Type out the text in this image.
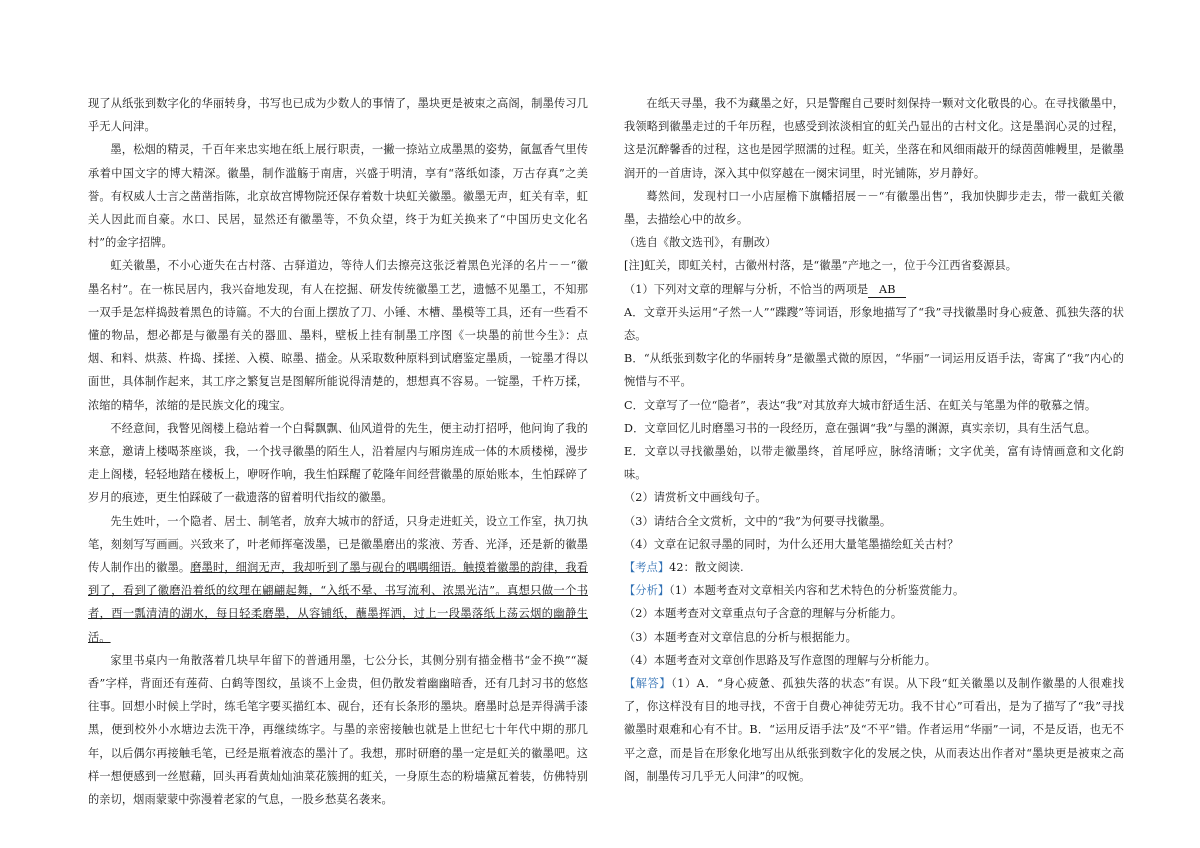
现了从纸张到数字化的华丽转身，书写也已成为少数人的事情了，墨块更是被束之高阁，制墨传习几乎无人问津。

墨，松烟的精灵，千百年来忠实地在纸上展行职责，一撇一捺站立成墨黑的姿势，氤氲香气里传承着中国文字的博大精深。徽墨，制作滥觞于南唐，兴盛于明清，享有“落纸如漆，万古存真”之美誉。有权威人士言之凿凿指陈，北京故宫博物院还保存着数十块虹关徽墨。徽墨无声，虹关有幸，虹关人因此而自豪。水口、民居，显然还有徽墨等，不负众望，终于为虹关换来了“中国历史文化名村”的金字招牌。

虹关徽墨，不小心逝失在古村落、古驿道边，等待人们去擦亮这张泛着黑色光泽的名片－－“徽墨名村”。在一栋民居内，我兴奋地发现，有人在挖掘、研发传统徽墨工艺，遗憾不见墨工，不知那一双手是怎样捣鼓着黑色的诗篇。不大的台面上摆放了刀、小锤、木槽、墨模等工具，还有一些看不懂的物品，想必都是与徽墨有关的器皿、墨料，壁板上挂有制墨工序图《一块墨的前世今生》：点烟、和料、烘蒸、杵捣、揉搓、入模、晾墨、描金。从采取数种原料到试磨鉴定墨质，一锭墨才得以面世，具体制作起来，其工序之繁复岂是图解所能说得清楚的，想想真不容易。一锭墨，千杵万揉，浓缩的精华，浓缩的是民族文化的瑰宝。

不经意间，我瞥见阁楼上稳站着一个白髯飘飘、仙风道骨的先生，便主动打招呼，他问询了我的来意，邀请上楼喝茶座谈，我，一个找寻徽墨的陌生人，沿着屋内与厢房连成一体的木质楼梯，漫步走上阁楼，轻轻地踏在楼板上，咿呀作响，我生怕踩醒了乾隆年间经营徽墨的原始账本，生怕踩碎了岁月的痕迹，更生怕踩破了一截遗落的留着明代指纹的徽墨。

先生姓叶，一个隐者、居士、制笔者，放弃大城市的舒适，只身走进虹关，设立工作室，执刀执笔，刻刻写写画画。兴致来了，叶老师挥毫泼墨，已是徽墨磨出的浆液、芳香、光泽，还是新的徽墨传人制作出的徽墨。磨墨时，细润无声，我却听到了墨与砚台的喁喁细语。触摸着徽墨的韵律，我看到了，看到了徽磨沿着纸的纹理在翩翩起舞，“入纸不晕、书写流利、浓黑光洁”。真想只做一个书者，酉一瓢清清的湖水，每日轻柔磨墨，从容铺纸，蘸墨挥洒，过上一段墨落纸上荡云烟的幽静生活。

家里书桌内一角散落着几块早年留下的普通用墨，七公分长，其侧分别有描金楷书“金不换”“凝香”字样，背面还有莲荷、白鹤等图纹，虽谈不上金贵，但仍散发着幽幽暗香，还有几封习书的悠悠往事。回想小时候上学时，练毛笔字要买描红本、砚台，还有长条形的墨块。磨墨时总是弄得满手漆黑，便到校外小水塘边去洗干净，再继续练字。与墨的亲密接触也就是上世纪七十年代中期的那几年，以后偶尔再接触毛笔，已经是瓶着液态的墨汁了。我想，那时研磨的墨一定是虹关的徽墨吧。这样一想便感到一丝慰藉，回头再看黄灿灿油菜花簇拥的虹关，一身原生态的粉墙黛瓦着装，仿佛特别的亲切，烟雨蒙蒙中弥漫着老家的气息，一股乡愁莫名袭来。

在纸天寻墨，我不为藏墨之好，只是警醒自己要时刻保持一颗对文化敬畏的心。在寻找徽墨中，我领略到徽墨走过的千年历程，也感受到浓淡相宜的虹关凸显出的古村文化。这是墨润心灵的过程，这是沉醉馨香的过程，这也是园学照濡的过程。虹关，坐落在和风细雨敲开的绿茵茵帷幔里，是徽墨润开的一首唐诗，深入其中似穿越在一阕宋词里，时光铺陈，岁月静好。

蓦然间，发现村口一小店屋檐下旗幡招展－－“有徽墨出售”，我加快脚步走去，带一截虹关徽墨，去描绘心中的故乡。

（选自《散文选刊》，有删改）

[注]虹关，即虹关村，古徽州村落，是“徽墨”产地之一，位于今江西省婺源县。

（1）下列对文章的理解与分析，不恰当的两项是 AB

A．文章开头运用“孑然一人”“蹀躞”等词语，形象地描写了“我”寻找徽墨时身心疲惫、孤独失落的状态。

B．“从纸张到数字化的华丽转身”是徽墨式微的原因，“华丽”一词运用反语手法，寄寓了“我”内心的惋惜与不平。

C．文章写了一位“隐者”，表达“我”对其放弃大城市舒适生活、在虹关与笔墨为伴的敬慕之情。

D．文章回忆儿时磨墨习书的一段经历，意在强调“我”与墨的渊源，真实亲切，具有生活气息。

E．文章以寻找徽墨始，以带走徽墨终，首尾呼应，脉络清晰；文字优美，富有诗情画意和文化韵味。

（2）请赏析文中画线句子。

（3）请结合全文赏析，文中的“我”为何要寻找徽墨。

（4）文章在记叙寻墨的同时，为什么还用大量笔墨描绘虹关古村？

【考点】42：散文阅读.

【分析】（1）本题考查对文章相关内容和艺术特色的分析鉴赏能力。

（2）本题考查对文章重点句子含意的理解与分析能力。

（3）本题考查对文章信息的分析与根据能力。

（4）本题考查对文章创作思路及写作意图的理解与分析能力。

【解答】（1）A．“身心疲惫、孤独失落的状态”有误。从下段“虹关徽墨以及制作徽墨的人很难找了，你这样没有目的地寻找，不啻于自费心神徒劳无功。我不甘心”可看出，是为了描写了“我”寻找徽墨时艰难和心有不甘。B．“运用反语手法”及“不平”错。作者运用“华丽”一词，不是反语，也无不平之意，而是旨在形象化地写出从纸张到数字化的发展之快，从而表达出作者对“墨块更是被束之高阁，制墨传习几乎无人问津”的叹惋。
